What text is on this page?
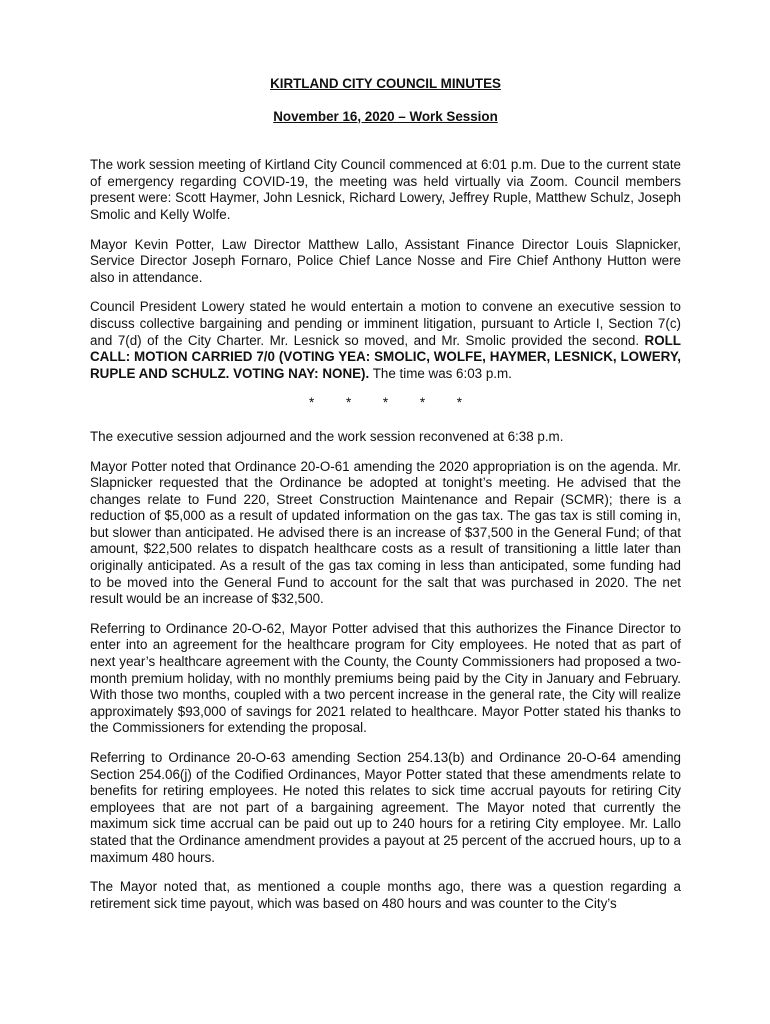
KIRTLAND CITY COUNCIL MINUTES
November 16, 2020 – Work Session

The work session meeting of Kirtland City Council commenced at 6:01 p.m. Due to the current state of emergency regarding COVID-19, the meeting was held virtually via Zoom. Council members present were: Scott Haymer, John Lesnick, Richard Lowery, Jeffrey Ruple, Matthew Schulz, Joseph Smolic and Kelly Wolfe.

Mayor Kevin Potter, Law Director Matthew Lallo, Assistant Finance Director Louis Slapnicker, Service Director Joseph Fornaro, Police Chief Lance Nosse and Fire Chief Anthony Hutton were also in attendance.

Council President Lowery stated he would entertain a motion to convene an executive session to discuss collective bargaining and pending or imminent litigation, pursuant to Article I, Section 7(c) and 7(d) of the City Charter. Mr. Lesnick so moved, and Mr. Smolic provided the second. ROLL CALL: MOTION CARRIED 7/0 (VOTING YEA: SMOLIC, WOLFE, HAYMER, LESNICK, LOWERY, RUPLE AND SCHULZ. VOTING NAY: NONE). The time was 6:03 p.m.

* * * * *

The executive session adjourned and the work session reconvened at 6:38 p.m.

Mayor Potter noted that Ordinance 20-O-61 amending the 2020 appropriation is on the agenda. Mr. Slapnicker requested that the Ordinance be adopted at tonight’s meeting. He advised that the changes relate to Fund 220, Street Construction Maintenance and Repair (SCMR); there is a reduction of $5,000 as a result of updated information on the gas tax. The gas tax is still coming in, but slower than anticipated. He advised there is an increase of $37,500 in the General Fund; of that amount, $22,500 relates to dispatch healthcare costs as a result of transitioning a little later than originally anticipated. As a result of the gas tax coming in less than anticipated, some funding had to be moved into the General Fund to account for the salt that was purchased in 2020. The net result would be an increase of $32,500.

Referring to Ordinance 20-O-62, Mayor Potter advised that this authorizes the Finance Director to enter into an agreement for the healthcare program for City employees. He noted that as part of next year’s healthcare agreement with the County, the County Commissioners had proposed a two-month premium holiday, with no monthly premiums being paid by the City in January and February. With those two months, coupled with a two percent increase in the general rate, the City will realize approximately $93,000 of savings for 2021 related to healthcare. Mayor Potter stated his thanks to the Commissioners for extending the proposal.

Referring to Ordinance 20-O-63 amending Section 254.13(b) and Ordinance 20-O-64 amending Section 254.06(j) of the Codified Ordinances, Mayor Potter stated that these amendments relate to benefits for retiring employees. He noted this relates to sick time accrual payouts for retiring City employees that are not part of a bargaining agreement. The Mayor noted that currently the maximum sick time accrual can be paid out up to 240 hours for a retiring City employee. Mr. Lallo stated that the Ordinance amendment provides a payout at 25 percent of the accrued hours, up to a maximum 480 hours.

The Mayor noted that, as mentioned a couple months ago, there was a question regarding a retirement sick time payout, which was based on 480 hours and was counter to the City’s
